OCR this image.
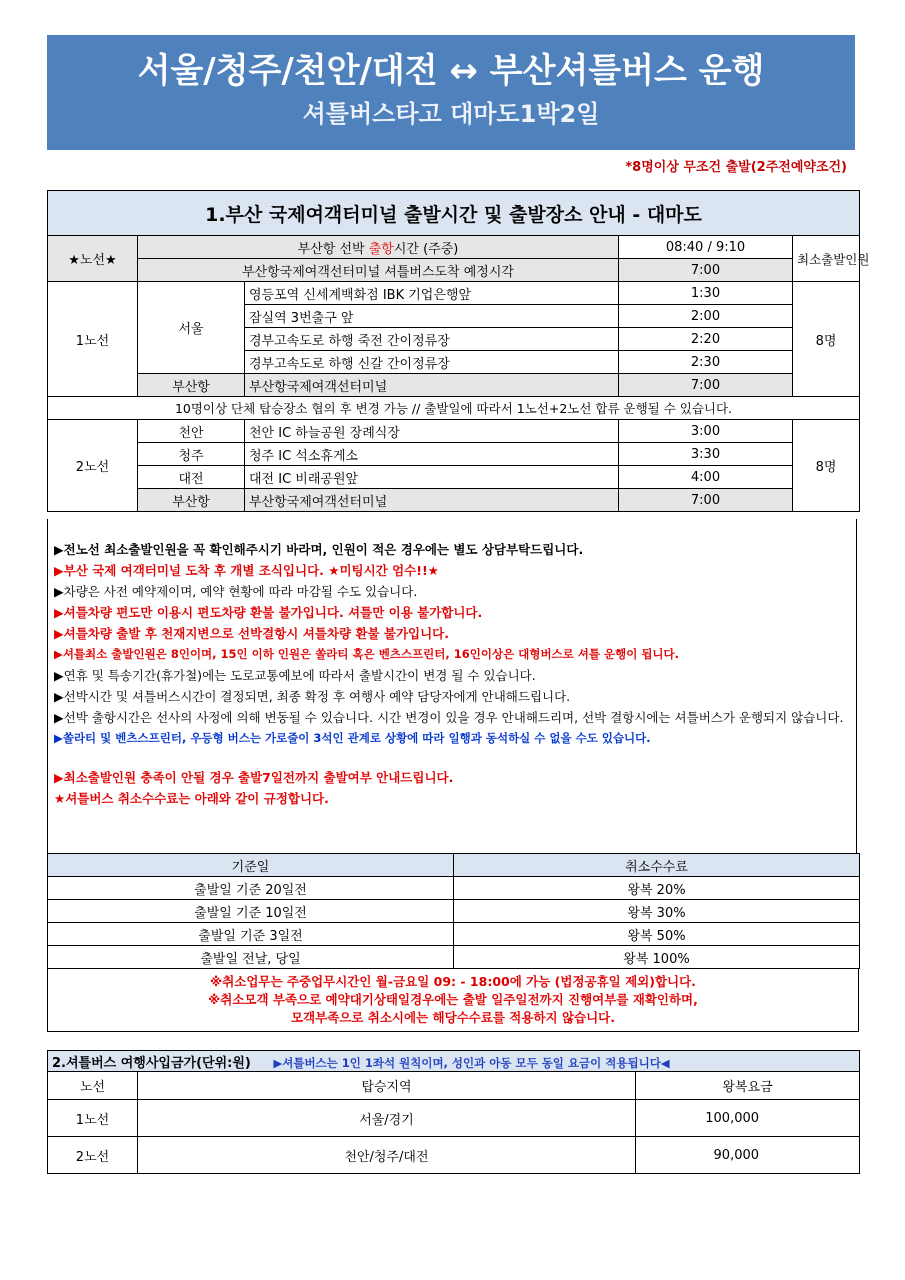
서울/청주/천안/대전 ↔ 부산셔틀버스 운행
셔틀버스타고 대마도1박2일
*8명이상 무조건 출발(2주전예약조건)
1.부산 국제여객터미널 출발시간 및 출발장소 안내 - 대마도				
★노선★	부산항 선박 출항시간 (주중)		08:40 / 9:10	최소출발인원
	부산항국제여객선터미널 셔틀버스도착 예정시각		7:00	
1노선	서울	영등포역 신세계백화점 IBK 기업은행앞	1:30	8명
		잠실역 3번출구 앞	2:00	
		경부고속도로 하행 죽전 간이정류장	2:20	
		경부고속도로 하행 신갈 간이정류장	2:30	
	부산항	부산항국제여객선터미널	7:00	
10명이상 단체 탑승장소 협의 후 변경 가능 // 출발일에 따라서 1노선+2노선 합류 운행될 수 있습니다.				
2노선	천안	천안 IC 하늘공원 장례식장	3:00	8명
	청주	청주 IC 석소휴게소	3:30	
	대전	대전 IC 비래공원앞	4:00	
	부산항	부산항국제여객선터미널	7:00	
▶전노선 최소출발인원을 꼭 확인해주시기 바라며, 인원이 적은 경우에는 별도 상담부탁드립니다.
▶부산 국제 여객터미널 도착 후 개별 조식입니다. ★미팅시간 엄수!!★
▶차량은 사전 예약제이며, 예약 현황에 따라 마감될 수도 있습니다.
▶셔틀차량 편도만 이용시 편도차량 환불 불가입니다. 셔틀만 이용 불가합니다.
▶셔틀차량 출발 후 천재지변으로 선박결항시 셔틀차량 환불 불가입니다.
▶셔틀최소 출발인원은 8인이며, 15인 이하 인원은 쏠라티 혹은 벤츠스프린터, 16인이상은 대형버스로 셔틀 운행이 됩니다.
▶연휴 및 특송기간(휴가철)에는 도로교통예보에 따라서 출발시간이 변경 될 수 있습니다.
▶선박시간 및 셔틀버스시간이 결정되면, 최종 확정 후 여행사 예약 담당자에게 안내해드립니다.
▶선박 출항시간은 선사의 사정에 의해 변동될 수 있습니다. 시간 변경이 있을 경우 안내해드리며, 선박 결항시에는 셔틀버스가 운행되지 않습니다.
▶쏠라티 및 벤츠스프린터, 우등형 버스는 가로줄이 3석인 관계로 상황에 따라 일행과 동석하실 수 없을 수도 있습니다.
▶최소출발인원 충족이 안될 경우 출발7일전까지 출발여부 안내드립니다.
★셔틀버스 취소수수료는 아래와 같이 규정합니다.
기준일	취소수수료
출발일 기준 20일전	왕복 20%
출발일 기준 10일전	왕복 30%
출발일 기준 3일전	왕복 50%
출발일 전날, 당일	왕복 100%
※취소업무는 주중업무시간인 월-금요일 09: - 18:00에 가능 (법정공휴일 제외)합니다.
※취소모객 부족으로 예약대기상태일경우에는 출발 일주일전까지 진행여부를 재확인하며,
모객부족으로 취소시에는 해당수수료를 적용하지 않습니다.
2.셔틀버스 여행사입금가(단위:원) ▶셔틀버스는 1인 1좌석 원칙이며, 성인과 아동 모두 동일 요금이 적용됩니다◀		
노선	탑승지역	왕복요금
1노선	서울/경기	100,000
2노선	천안/청주/대전	90,000
